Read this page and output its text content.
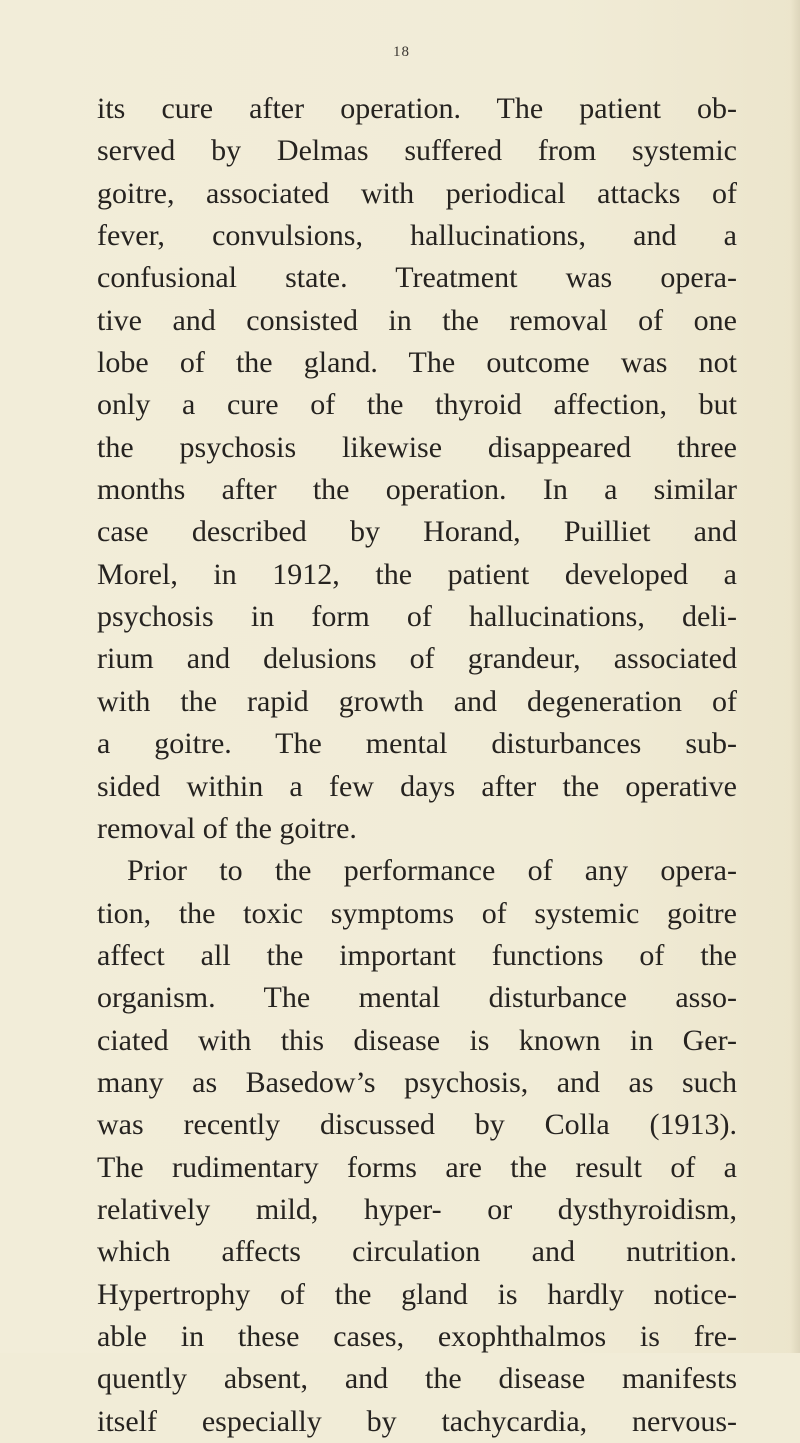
18
its cure after operation. The patient ob-
served by Delmas suffered from systemic
goitre, associated with periodical attacks of
fever, convulsions, hallucinations, and a
confusional state. Treatment was opera-
tive and consisted in the removal of one
lobe of the gland. The outcome was not
only a cure of the thyroid affection, but
the psychosis likewise disappeared three
months after the operation. In a similar
case described by Horand, Puilliet and
Morel, in 1912, the patient developed a
psychosis in form of hallucinations, deli-
rium and delusions of grandeur, associated
with the rapid growth and degeneration of
a goitre. The mental disturbances sub-
sided within a few days after the operative
removal of the goitre.
Prior to the performance of any opera-
tion, the toxic symptoms of systemic goitre
affect all the important functions of the
organism. The mental disturbance asso-
ciated with this disease is known in Ger-
many as Basedow’s psychosis, and as such
was recently discussed by Colla (1913).
The rudimentary forms are the result of a
relatively mild, hyper- or dysthyroidism,
which affects circulation and nutrition.
Hypertrophy of the gland is hardly notice-
able in these cases, exophthalmos is fre-
quently absent, and the disease manifests
itself especially by tachycardia, nervous-
